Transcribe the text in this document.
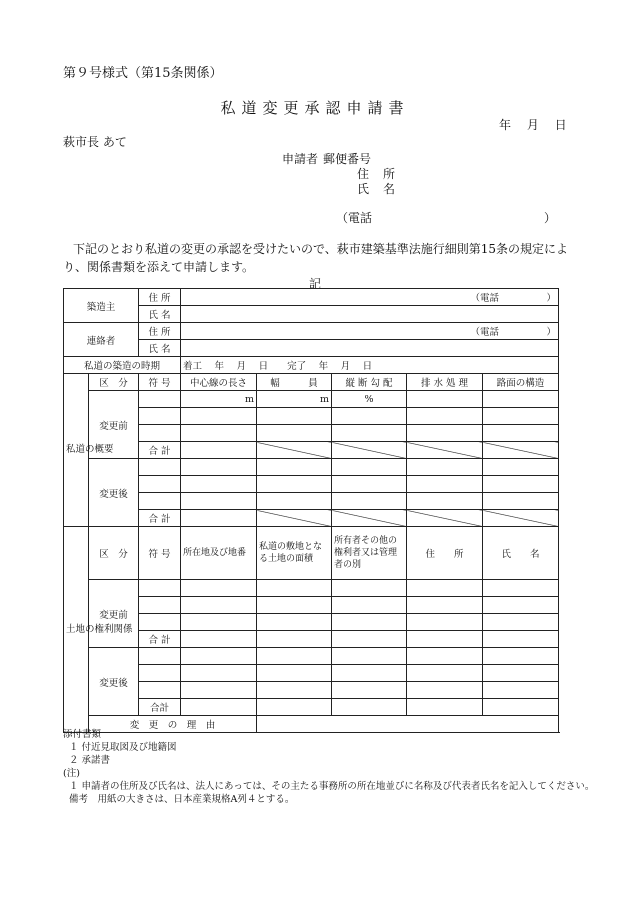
第９号様式（第15条関係）
私道変更承認申請書
年 月 日
萩市長 あて
申請者 郵便番号
住所
氏名
（電話	）
下記のとおり私道の変更の承認を受けたいので、萩市建築基準法施行細則第15条の規定により、関係書類を添えて申請します。
記
築造主		住 所	（電話　　　　　）				
		氏 名					
連絡者		住 所	（電話　　　　　）				
		氏 名					
私道の築造の時期			着工　 年　 月　 日　　完了　 年　 月　 日				
私道の概要	区　分	符 号	中心線の長さ	幅　　　員	縦 断 勾 配	排 水 処 理	路面の構造
	変更前		m	m	%		

		合 計					
	変更後						

		合 計					
土地の権利関係	区　分	符 号	所在地及び地番	私道の敷地となる土地の面積	所有者その他の権利者又は管理者の別	住　　所	氏　　名
	変更前						

		合 計					
	変更後						

		合計					
	変　更　の　理　由						
添付書類
１ 付近見取図及び地籍図
２ 承諾書
(注)
１ 申請者の住所及び氏名は、法人にあっては、その主たる事務所の所在地並びに名称及び代表者氏名を記入してください。
備考　用紙の大きさは、日本産業規格A列４とする。
